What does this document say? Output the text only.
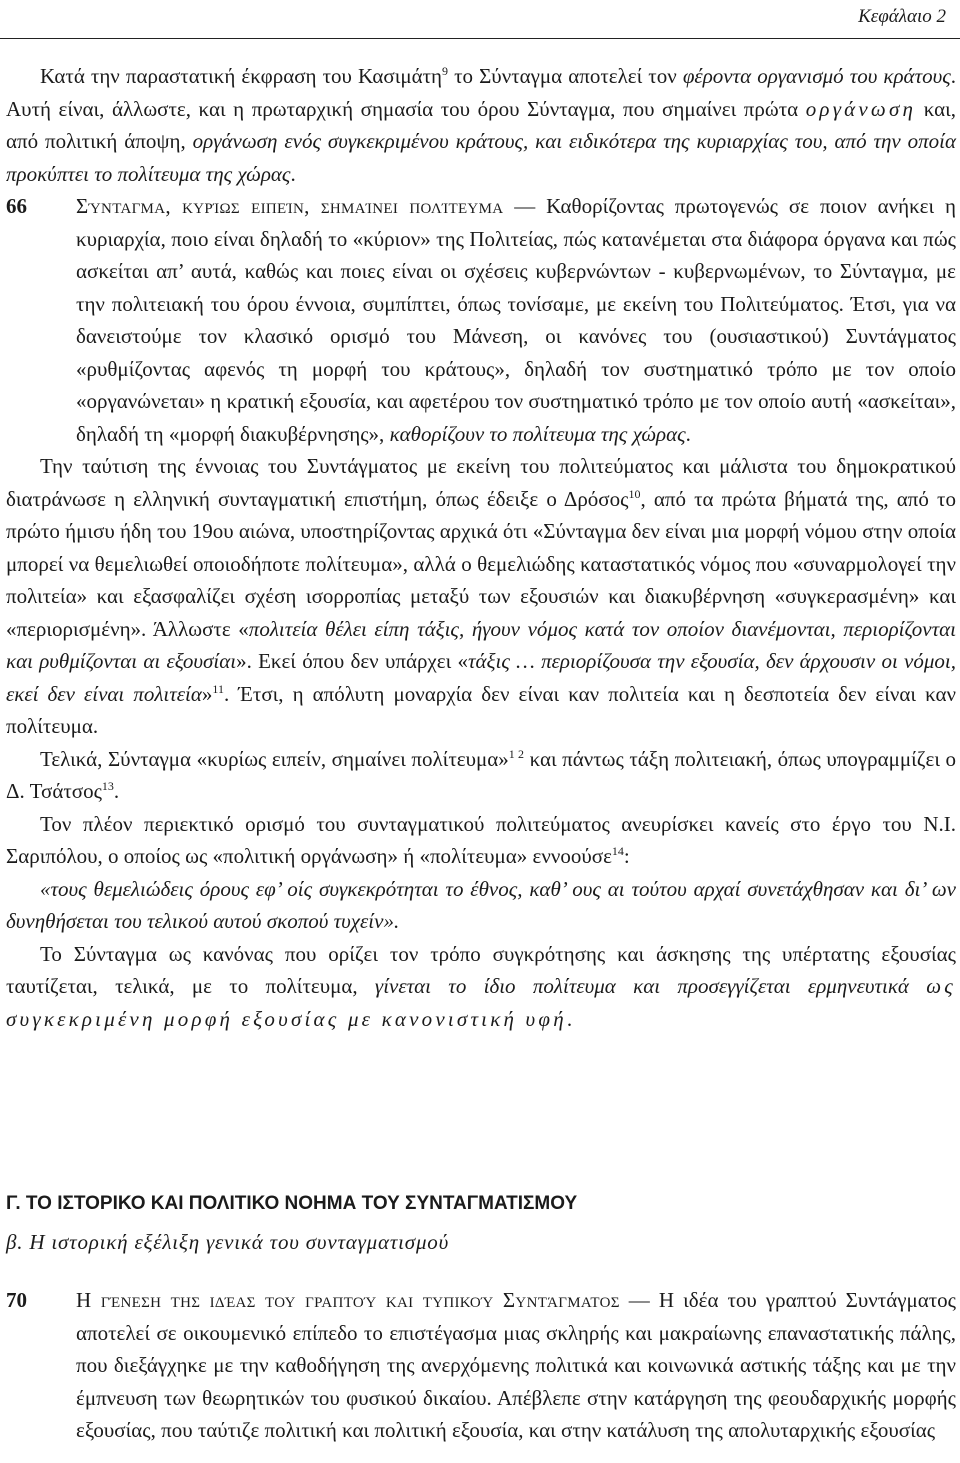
Κεφάλαιο 2

Κατά την παραστατική έκφραση του Κασιμάτη$^9$ το Σύνταγμα αποτελεί τον φέροντα οργανισμό του κράτους. Αυτή είναι, άλλωστε, και η πρωταρχική σημασία του όρου Σύνταγμα, που σημαίνει πρώτα οργάνωση και, από πολιτική άποψη, οργάνωση ενός συγκεκριμένου κράτους, και ειδικότερα της κυριαρχίας του, από την οποία προκύπτει το πολίτευμα της χώρας.

66 Σύνταγμα, κυρίως ειπείν, σημαίνει πολίτευμα — Καθορίζοντας πρωτογενώς σε ποιον ανήκει η κυριαρχία, ποιο είναι δηλαδή το «κύριον» της Πολιτείας, πώς κατανέμεται στα διάφορα όργανα και πώς ασκείται απ’ αυτά, καθώς και ποιες είναι οι σχέσεις κυβερνώντων - κυβερνωμένων, το Σύνταγμα, με την πολιτειακή του όρου έννοια, συμπίπτει, όπως τονίσαμε, με εκείνη του Πολιτεύματος. Έτσι, για να δανειστούμε τον κλασικό ορισμό του Μάνεση, οι κανόνες του (ουσιαστικού) Συντάγματος «ρυθμίζοντας αφενός τη μορφή του κράτους», δηλαδή τον συστηματικό τρόπο με τον οποίο «οργανώνεται» η κρατική εξουσία, και αφετέρου τον συστηματικό τρόπο με τον οποίο αυτή «ασκείται», δηλαδή τη «μορφή διακυβέρνησης», καθορίζουν το πολίτευμα της χώρας.

Την ταύτιση της έννοιας του Συντάγματος με εκείνη του πολιτεύματος και μάλιστα του δημοκρατικού διατράνωσε η ελληνική συνταγματική επιστήμη, όπως έδειξε ο Δρόσος$^{10}$, από τα πρώτα βήματά της, από το πρώτο ήμισυ ήδη του 19ου αιώνα, υποστηρίζοντας αρχικά ότι «Σύνταγμα δεν είναι μια μορφή νόμου στην οποία μπορεί να θεμελιωθεί οποιοδήποτε πολίτευμα», αλλά ο θεμελιώδης καταστατικός νόμος που «συναρμολογεί την πολιτεία» και εξασφαλίζει σχέση ισορροπίας μεταξύ των εξουσιών και διακυβέρνηση «συγκερασμένη» και «περιορισμένη». Άλλωστε «πολιτεία θέλει είπη τάξις, ήγουν νόμος κατά τον οποίον διανέμονται, περιορίζονται και ρυθμίζονται αι εξουσίαι». Εκεί όπου δεν υπάρχει «τάξις … περιορίζουσα την εξουσία, δεν άρχουσιν οι νόμοι, εκεί δεν είναι πολιτεία»$^{11}$. Έτσι, η απόλυτη μοναρχία δεν είναι καν πολιτεία και η δεσποτεία δεν είναι καν πολίτευμα.

Τελικά, Σύνταγμα «κυρίως ειπείν, σημαίνει πολίτευμα»$^{1 2}$ και πάντως τάξη πολιτειακή, όπως υπογραμμίζει ο Δ. Τσάτσος$^{13}$.

Τον πλέον περιεκτικό ορισμό του συνταγματικού πολιτεύματος ανευρίσκει κανείς στο έργο του Ν.Ι. Σαριπόλου, ο οποίος ως «πολιτική οργάνωση» ή «πολίτευμα» εννοούσε$^{14}$:

«τους θεμελιώδεις όρους εφ’ οίς συγκεκρότηται το έθνος, καθ’ ους αι τούτου αρχαί συνετάχθησαν και δι’ ων δυνηθήσεται του τελικού αυτού σκοπού τυχείν».

Το Σύνταγμα ως κανόνας που ορίζει τον τρόπο συγκρότησης και άσκησης της υπέρτατης εξουσίας ταυτίζεται, τελικά, με το πολίτευμα, γίνεται το ίδιο πολίτευμα και προσεγγίζεται ερμηνευτικά ως συγκεκριμένη μορφή εξουσίας με κανονιστική υφή.

Γ. ΤΟ ΙΣΤΟΡΙΚΟ ΚΑΙ ΠΟΛΙΤΙΚΟ ΝΟΗΜΑ ΤΟΥ ΣΥΝΤΑΓΜΑΤΙΣΜΟΥ
β. Η ιστορική εξέλιξη γενικά του συνταγματισμού

70 Η γένεση της ιδέας του γραπτού και τυπικού Συντάγματος — Η ιδέα του γραπτού Συντάγματος αποτελεί σε οικουμενικό επίπεδο το επιστέγασμα μιας σκληρής και μακραίωνης επαναστατικής πάλης, που διεξάγχηκε με την καθοδήγηση της ανερχόμενης πολιτικά και κοινωνικά αστικής τάξης και με την έμπνευση των θεωρητικών του φυσικού δικαίου. Απέβλεπε στην κατάργηση της φεουδαρχικής μορφής εξουσίας, που ταύτιζε πολιτική και πολιτική εξουσία, και στην κατάλυση της απολυταρχικής εξουσίας
